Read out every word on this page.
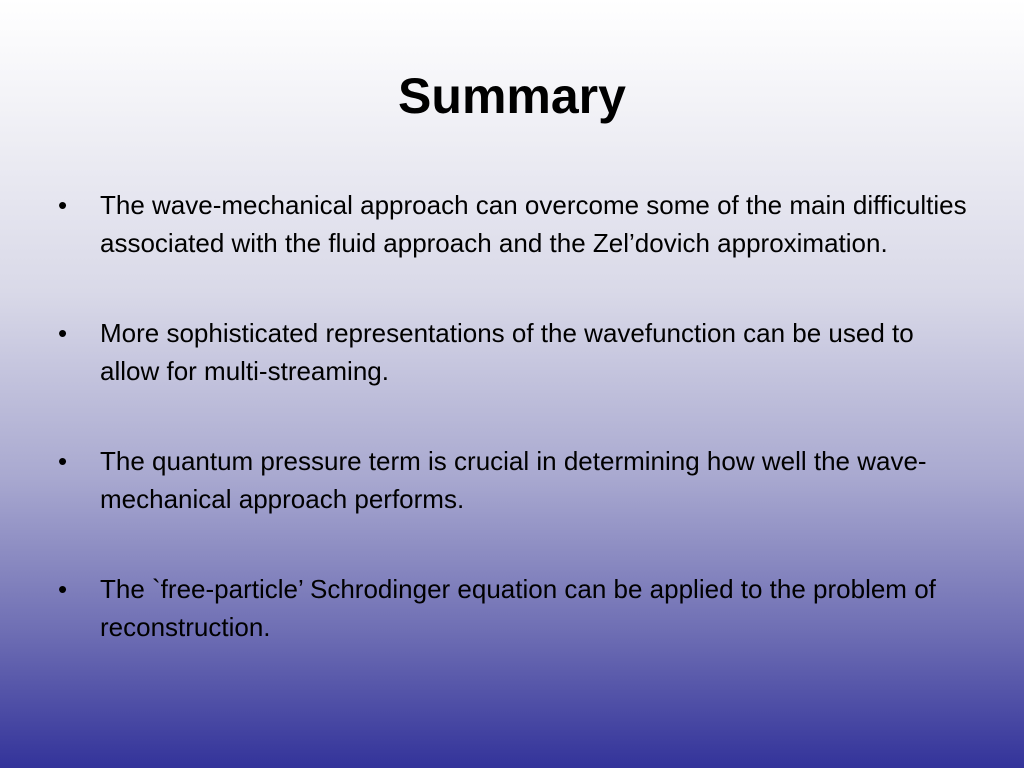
Summary
•	The wave-mechanical approach can overcome some of the main difficulties associated with the fluid approach and the Zel’dovich approximation.
•	More sophisticated representations of the wavefunction can be used to allow for multi-streaming.
•	The quantum pressure term is crucial in determining how well the wave-mechanical approach performs.
•	The `free-particle’ Schrodinger equation can be applied to the problem of reconstruction.
